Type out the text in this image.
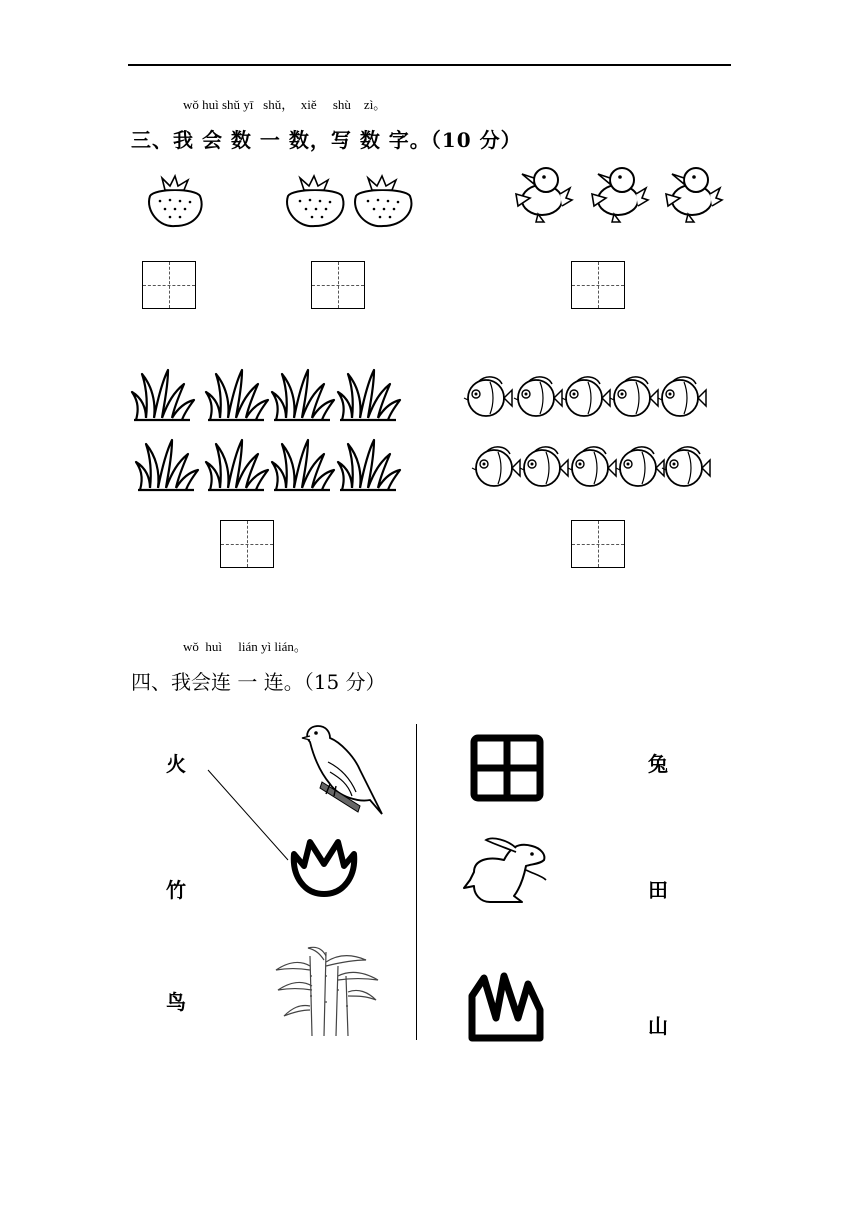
wǒ huì shǔ yī   shǔ，  xiě     shù    zì。
三、我 会 数 一 数，写 数 字。（10 分）
wǒ  huì     lián yì lián。
四、我会连 一 连。（15 分）
火
竹
鸟
兔
田
山
